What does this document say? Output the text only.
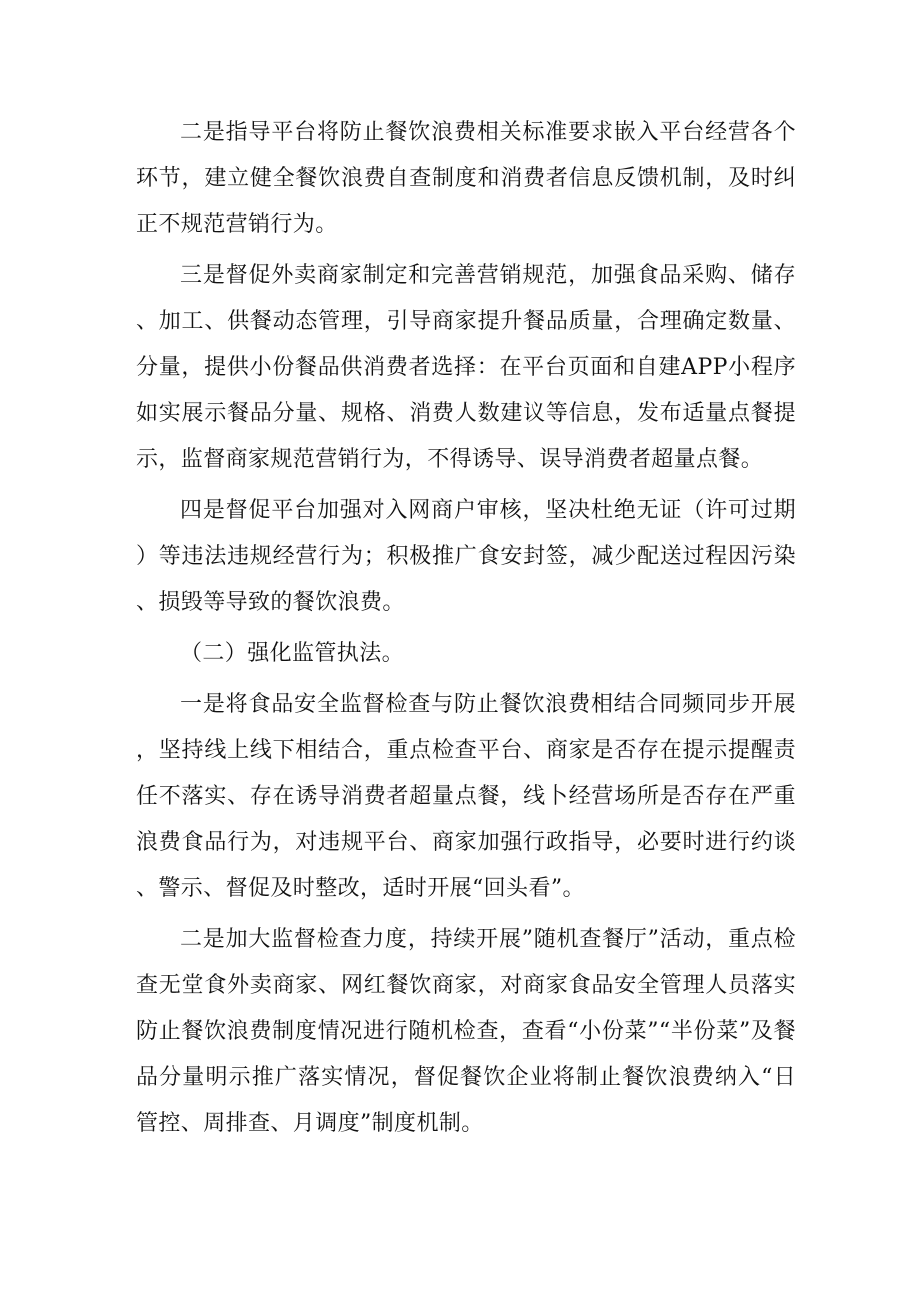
二是指导平台将防止餐饮浪费相关标准要求嵌入平台经营各个环节，建立健全餐饮浪费自查制度和消费者信息反馈机制，及时纠正不规范营销行为。

三是督促外卖商家制定和完善营销规范，加强食品采购、储存、加工、供餐动态管理，引导商家提升餐品质量，合理确定数量、分量，提供小份餐品供消费者选择：在平台页面和自建APP小程序如实展示餐品分量、规格、消费人数建议等信息，发布适量点餐提示，监督商家规范营销行为，不得诱导、误导消费者超量点餐。

四是督促平台加强对入网商户审核，坚决杜绝无证（许可过期）等违法违规经营行为；积极推广食安封签，减少配送过程因污染、损毁等导致的餐饮浪费。

（二）强化监管执法。

一是将食品安全监督检查与防止餐饮浪费相结合同频同步开展，坚持线上线下相结合，重点检查平台、商家是否存在提示提醒责任不落实、存在诱导消费者超量点餐，线卜经营场所是否存在严重浪费食品行为，对违规平台、商家加强行政指导，必要时进行约谈、警示、督促及时整改，适时开展“回头看”。

二是加大监督检查力度，持续开展”随机查餐厅”活动，重点检查无堂食外卖商家、网红餐饮商家，对商家食品安全管理人员落实防止餐饮浪费制度情况进行随机检查，查看“小份菜”“半份菜”及餐品分量明示推广落实情况，督促餐饮企业将制止餐饮浪费纳入“日管控、周排查、月调度”制度机制。
